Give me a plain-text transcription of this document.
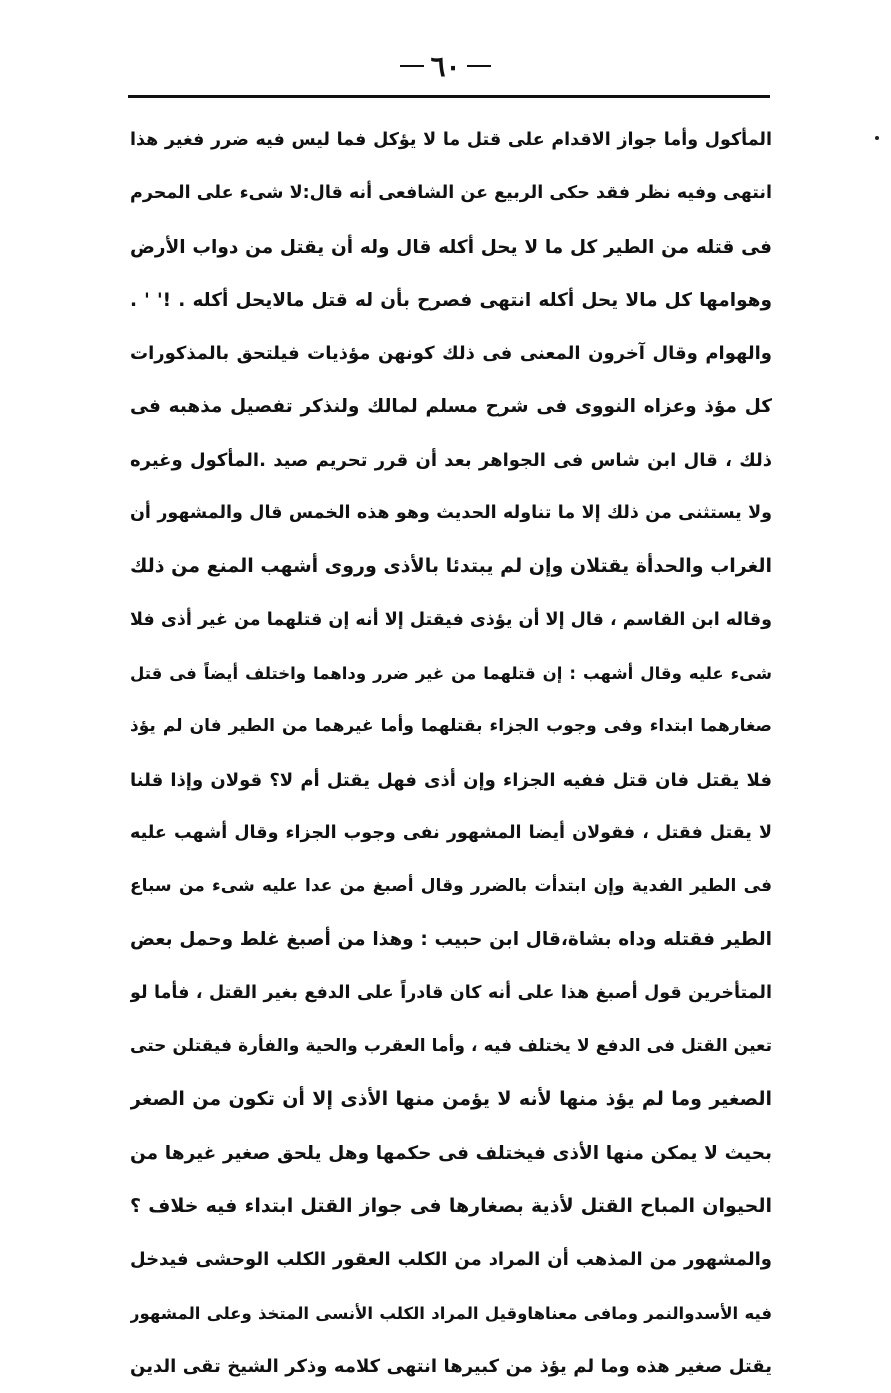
٦٠
المأكول وأما جواز الاقدام على قتل ما لا يؤكل فما ليس فيه ضرر فغير هذا
انتهى وفيه نظر فقد حكى الربيع عن الشافعى أنه قال:لا شىء على المحرم
فى قتله من الطير كل ما لا يحل أكله قال وله أن يقتل من دواب الأرض
وهوامها كل مالا يحل أكله انتهى فصرح بأن له قتل مالايحل أكله . !' ' .
والهوام وقال آخرون المعنى فى ذلك كونهن مؤذيات فيلتحق بالمذكورات
كل مؤذ وعزاه النووى فى شرح مسلم لمالك ولنذكر تفصيل مذهبه فى
ذلك ، قال ابن شاس فى الجواهر بعد أن قرر تحريم صيد .المأكول وغيره
ولا يستثنى من ذلك إلا ما تناوله الحديث وهو هذه الخمس قال والمشهور أن
الغراب والحدأة يقتلان وإن لم يبتدئا بالأذى وروى أشهب المنع من ذلك
وقاله ابن القاسم ، قال إلا أن يؤذى فيقتل إلا أنه إن قتلهما من غير أذى فلا
شىء عليه وقال أشهب : إن قتلهما من غير ضرر وداهما واختلف أيضاً فى قتل
صغارهما ابتداء وفى وجوب الجزاء بقتلهما وأما غيرهما من الطير فان لم يؤذ
فلا يقتل فان قتل ففيه الجزاء وإن أذى فهل يقتل أم لا؟ قولان وإذا قلنا
لا يقتل فقتل ، فقولان أيضا المشهور نفى وجوب الجزاء وقال أشهب عليه
فى الطير الفدية وإن ابتدأت بالضرر وقال أصبغ من عدا عليه شىء من سباع
الطير فقتله وداه بشاة،قال ابن حبيب : وهذا من أصبغ غلط وحمل بعض
المتأخرين قول أصبغ هذا على أنه كان قادراً على الدفع بغير القتل ، فأما لو
تعين القتل فى الدفع لا يختلف فيه ، وأما العقرب والحية والفأرة فيقتلن حتى
الصغير وما لم يؤذ منها لأنه لا يؤمن منها الأذى إلا أن تكون من الصغر
بحيث لا يمكن منها الأذى فيختلف فى حكمها وهل يلحق صغير غيرها من
الحيوان المباح القتل لأذية بصغارها فى جواز القتل ابتداء فيه خلاف ؟
والمشهور من المذهب أن المراد من الكلب العقور الكلب الوحشى فيدخل
فيه الأسدوالنمر ومافى معناهاوقيل المراد الكلب الأنسى المتخذ وعلى المشهور
يقتل صغير هذه وما لم يؤذ من كبيرها انتهى كلامه وذكر الشيخ تقى الدين
